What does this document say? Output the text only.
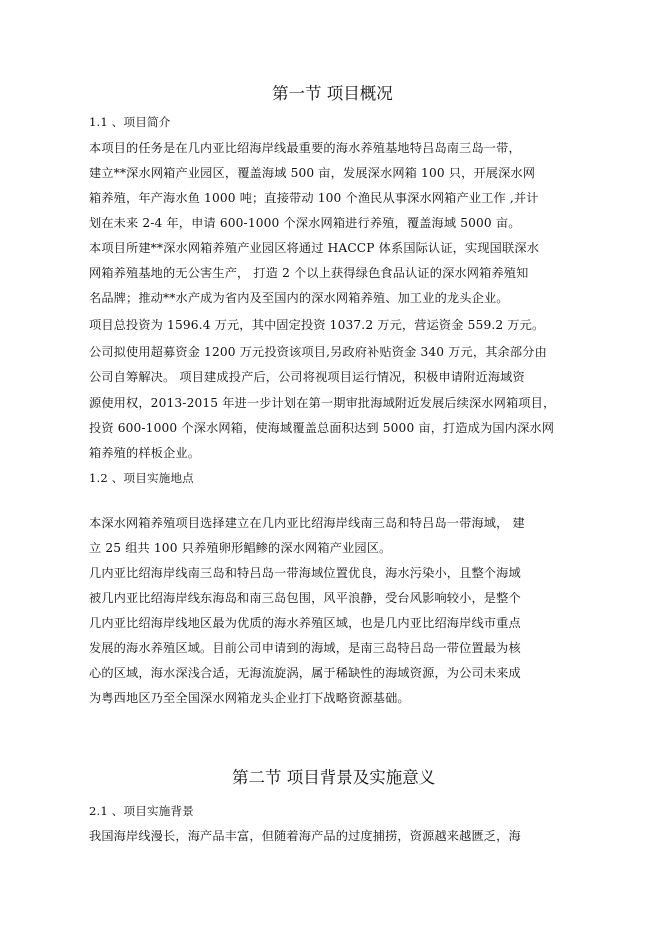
第一节 项目概况
1.1 、项目简介
本项目的任务是在几内亚比绍海岸线最重要的海水养殖基地特吕岛南三岛一带，
建立**深水网箱产业园区，覆盖海域 500 亩，发展深水网箱 100 只，开展深水网
箱养殖，年产海水鱼 1000 吨；直接带动 100 个渔民从事深水网箱产业工作 ,并计
划在未来 2-4 年，申请 600-1000 个深水网箱进行养殖，覆盖海域 5000 亩。
本项目所建**深水网箱养殖产业园区将通过 HACCP 体系国际认证，实现国联深水
网箱养殖基地的无公害生产， 打造 2 个以上获得绿色食品认证的深水网箱养殖知
名品牌；推动**水产成为省内及至国内的深水网箱养殖、加工业的龙头企业。
项目总投资为 1596.4 万元，其中固定投资 1037.2 万元，营运资金 559.2 万元。
公司拟使用超募资金 1200 万元投资该项目,另政府补贴资金 340 万元，其余部分由
公司自筹解决。 项目建成投产后，公司将视项目运行情况，积极申请附近海域资
源使用权，2013-2015 年进一步计划在第一期审批海域附近发展后续深水网箱项目，
投资 600-1000 个深水网箱，使海域覆盖总面积达到 5000 亩，打造成为国内深水网
箱养殖的样板企业。
1.2 、项目实施地点
本深水网箱养殖项目选择建立在几内亚比绍海岸线南三岛和特吕岛一带海域， 建
立 25 组共 100 只养殖卵形鲳鲹的深水网箱产业园区。
几内亚比绍海岸线南三岛和特吕岛一带海域位置优良，海水污染小，且整个海域
被几内亚比绍海岸线东海岛和南三岛包围，风平浪静，受台风影响较小，是整个
几内亚比绍海岸线地区最为优质的海水养殖区域，也是几内亚比绍海岸线市重点
发展的海水养殖区域。目前公司申请到的海域，是南三岛特吕岛一带位置最为核
心的区域，海水深浅合适，无海流旋涡，属于稀缺性的海域资源，为公司未来成
为粤西地区乃至全国深水网箱龙头企业打下战略资源基础。
第二节 项目背景及实施意义
2.1 、项目实施背景
我国海岸线漫长，海产品丰富，但随着海产品的过度捕捞，资源越来越匮乏，海
